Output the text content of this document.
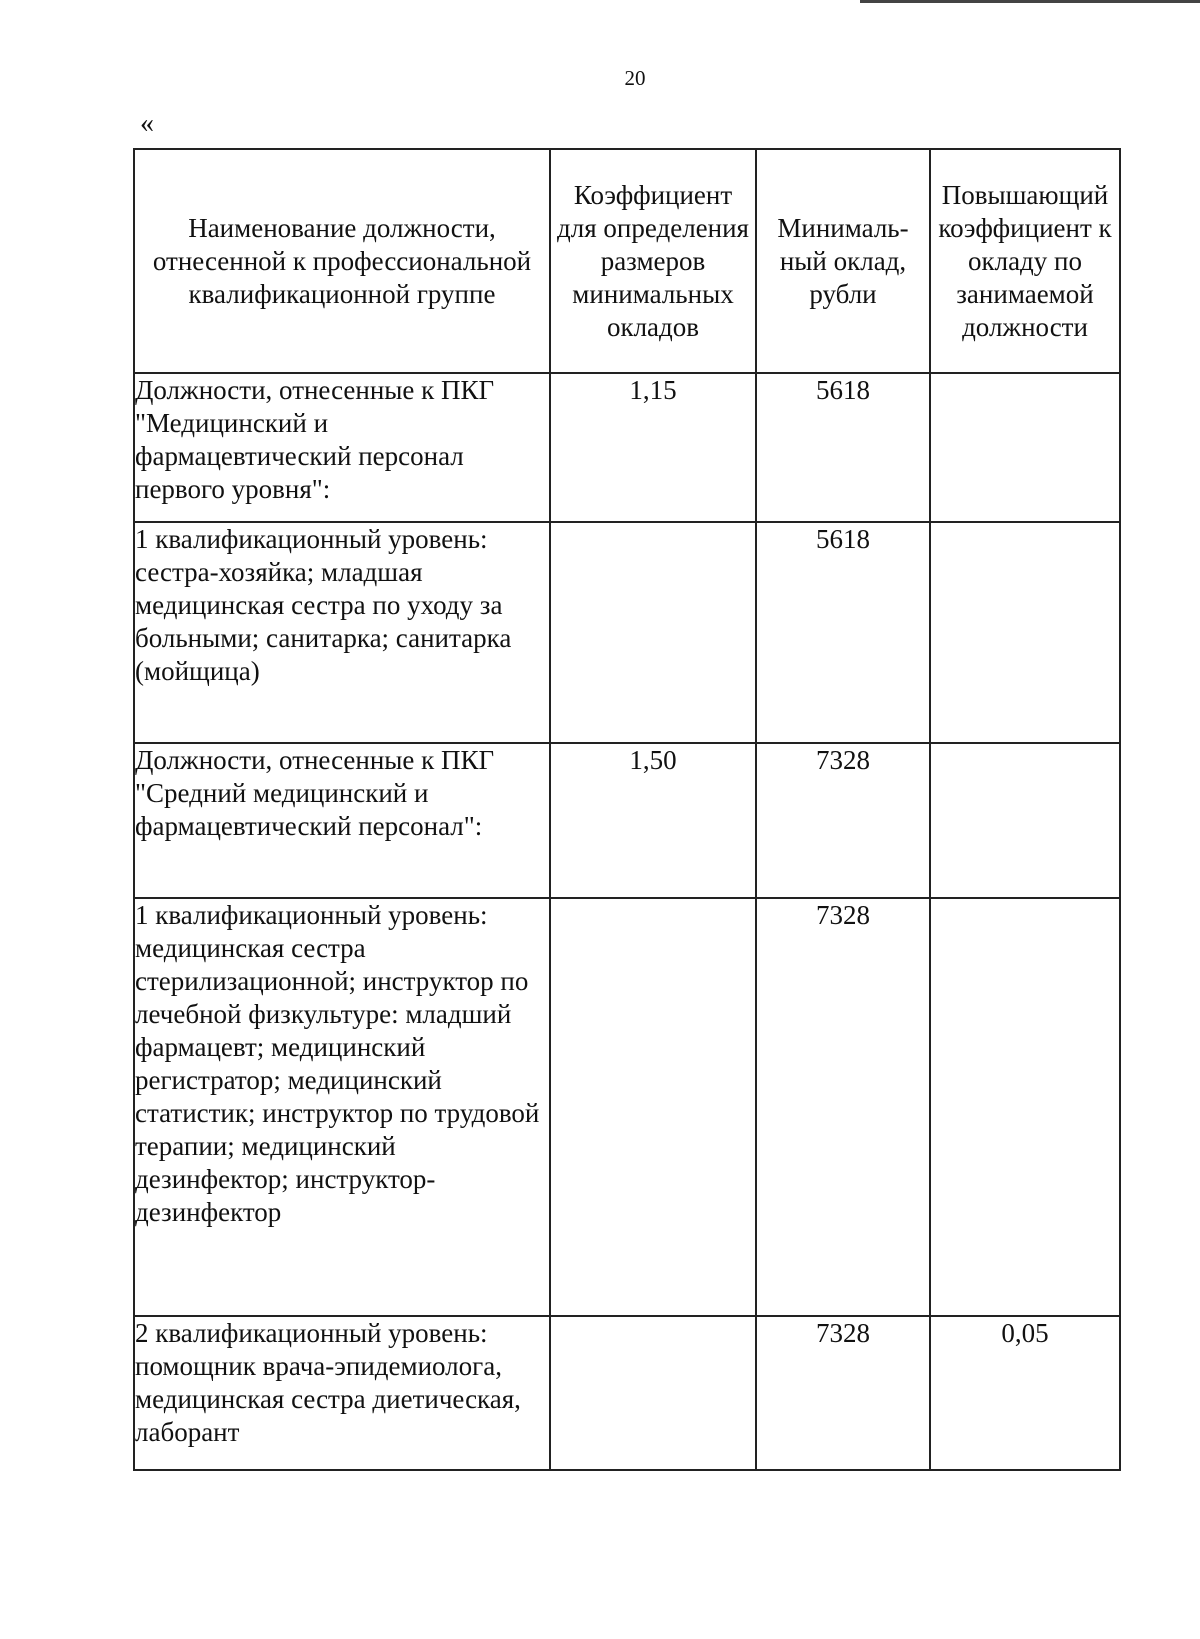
20
«
Наименование должности, отнесенной к профессиональной квалификационной группе	Коэффициент для определения размеров минимальных окладов	Минималь-ный оклад, рубли	Повышающий коэффициент к окладу по занимаемой должности
Должности, отнесенные к ПКГ "Медицинский и фармацевтический персонал первого уровня":	1,15	5618	
1 квалификационный уровень: сестра-хозяйка; младшая медицинская сестра по уходу за больными; санитарка; санитарка (мойщица)		5618	
Должности, отнесенные к ПКГ "Средний медицинский и фармацевтический персонал":	1,50	7328	
1 квалификационный уровень: медицинская сестра стерилизационной; инструктор по лечебной физкультуре: младший фармацевт; медицинский регистратор; медицинский статистик; инструктор по трудовой терапии; медицинский дезинфектор; инструктор-дезинфектор		7328	
2 квалификационный уровень: помощник врача-эпидемиолога, медицинская сестра диетическая, лаборант		7328	0,05
